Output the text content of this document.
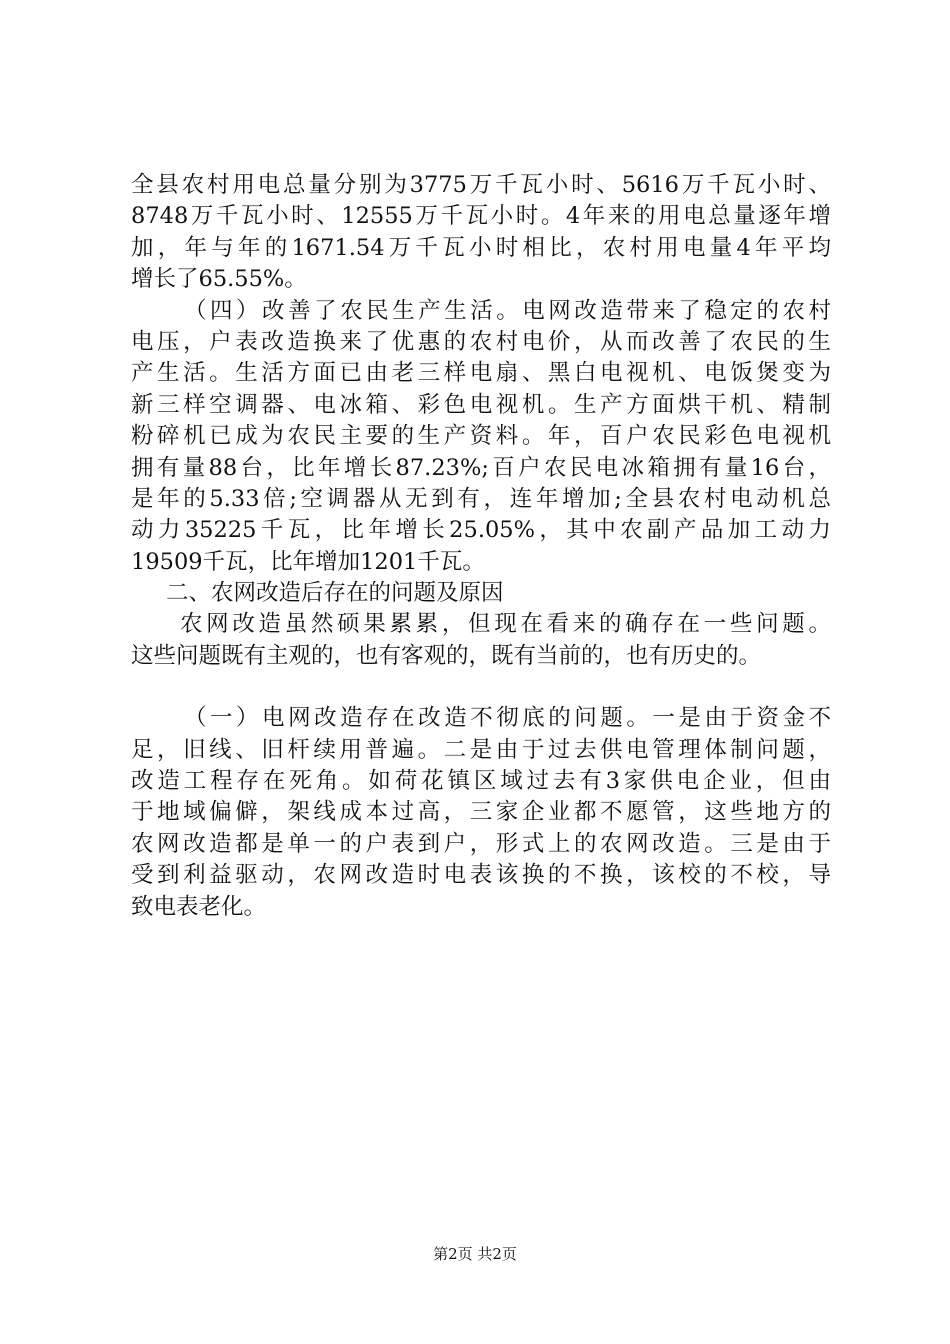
全县农村用电总量分别为3775万千瓦小时、5616万千瓦小时、
8748万千瓦小时、12555万千瓦小时。4年来的用电总量逐年增
加，年与年的1671.54万千瓦小时相比，农村用电量4年平均
增长了65.55%。
（四）改善了农民生产生活。电网改造带来了稳定的农村
电压，户表改造换来了优惠的农村电价，从而改善了农民的生
产生活。生活方面已由老三样电扇、黑白电视机、电饭煲变为
新三样空调器、电冰箱、彩色电视机。生产方面烘干机、精制
粉碎机已成为农民主要的生产资料。年，百户农民彩色电视机
拥有量88台，比年增长87.23%;百户农民电冰箱拥有量16台，
是年的5.33倍;空调器从无到有，连年增加;全县农村电动机总
动力35225千瓦，比年增长25.05%，其中农副产品加工动力
19509千瓦，比年增加1201千瓦。
二、农网改造后存在的问题及原因
农网改造虽然硕果累累，但现在看来的确存在一些问题。
这些问题既有主观的，也有客观的，既有当前的，也有历史的。
（一）电网改造存在改造不彻底的问题。一是由于资金不
足，旧线、旧杆续用普遍。二是由于过去供电管理体制问题，
改造工程存在死角。如荷花镇区域过去有3家供电企业，但由
于地域偏僻，架线成本过高，三家企业都不愿管，这些地方的
农网改造都是单一的户表到户，形式上的农网改造。三是由于
受到利益驱动，农网改造时电表该换的不换，该校的不校，导
致电表老化。
第2页 共2页
